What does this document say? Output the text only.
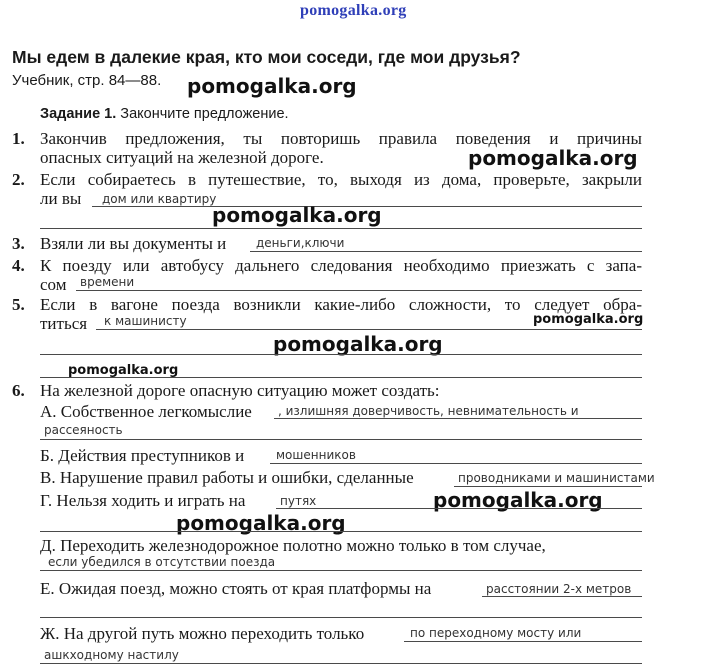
pomogalka.org
Мы едем в далекие края, кто мои соседи, где мои друзья?
Учебник, стр. 84—88. pomogalka.org
Задание 1. Закончите предложение.
1. Закончив предложения, ты повторишь правила поведения и причины
опасных ситуаций на железной дороге.	pomogalka.org
2. Если собираетесь в путешествие, то, выходя из дома, проверьте, закрыли
ли вы дом или квартиру
pomogalka.org
3. Взяли ли вы документы и деньги,ключи
4. К поезду или автобусу дальнего следования необходимо приезжать с запа-
сом времени
5. Если в вагоне поезда возникли какие-либо сложности, то следует обра-
титься к машинисту	pomogalka.org
pomogalka.org
pomogalka.org
6. На железной дороге опасную ситуацию может создать:
А. Собственное легкомыслие , излишняя доверчивость, невнимательность и
рассеяность
Б. Действия преступников и	мошенников
В. Нарушение правил работы и ошибки, сделанные	проводниками и машинистами
Г. Нельзя ходить и играть на	путях	pomogalka.org
pomogalka.org
Д. Переходить железнодорожное полотно можно только в том случае,
если убедился в отсутствии поезда
Е. Ожидая поезд, можно стоять от края платформы на	расстоянии 2-х метров
Ж. На другой путь можно переходить только	по переходному мосту или
ашкходному настилу
